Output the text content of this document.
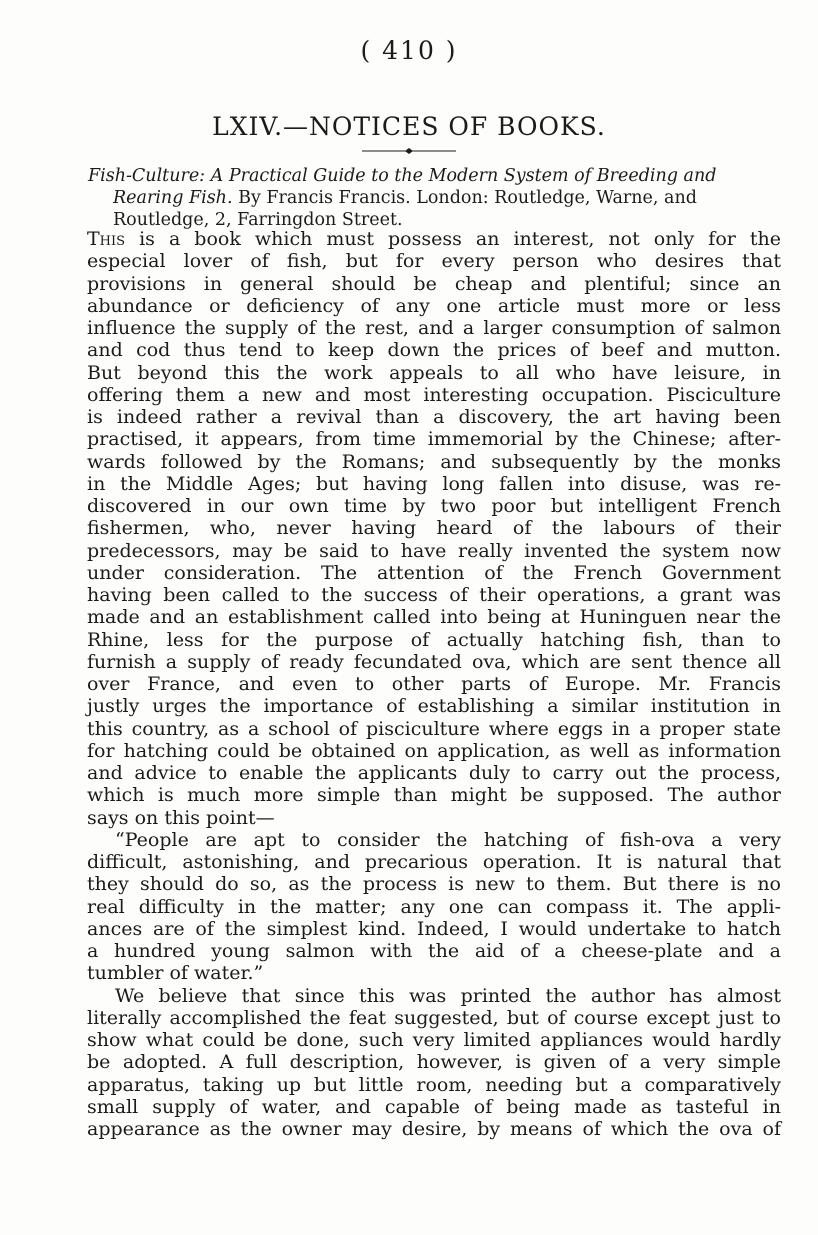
( 410 )
LXIV.—NOTICES OF BOOKS.
Fish-Culture: A Practical Guide to the Modern System of Breeding and
Rearing Fish. By Francis Francis. London: Routledge, Warne, and
Routledge, 2, Farringdon Street.
This is a book which must possess an interest, not only for the
especial lover of fish, but for every person who desires that
provisions in general should be cheap and plentiful; since an
abundance or deficiency of any one article must more or less
influence the supply of the rest, and a larger consumption of salmon
and cod thus tend to keep down the prices of beef and mutton.
But beyond this the work appeals to all who have leisure, in
offering them a new and most interesting occupation. Pisciculture
is indeed rather a revival than a discovery, the art having been
practised, it appears, from time immemorial by the Chinese; after-
wards followed by the Romans; and subsequently by the monks
in the Middle Ages; but having long fallen into disuse, was re-
discovered in our own time by two poor but intelligent French
fishermen, who, never having heard of the labours of their
predecessors, may be said to have really invented the system now
under consideration. The attention of the French Government
having been called to the success of their operations, a grant was
made and an establishment called into being at Huninguen near the
Rhine, less for the purpose of actually hatching fish, than to
furnish a supply of ready fecundated ova, which are sent thence all
over France, and even to other parts of Europe. Mr. Francis
justly urges the importance of establishing a similar institution in
this country, as a school of pisciculture where eggs in a proper state
for hatching could be obtained on application, as well as information
and advice to enable the applicants duly to carry out the process,
which is much more simple than might be supposed. The author
says on this point—
“People are apt to consider the hatching of fish-ova a very
difficult, astonishing, and precarious operation. It is natural that
they should do so, as the process is new to them. But there is no
real difficulty in the matter; any one can compass it. The appli-
ances are of the simplest kind. Indeed, I would undertake to hatch
a hundred young salmon with the aid of a cheese-plate and a
tumbler of water.”
We believe that since this was printed the author has almost
literally accomplished the feat suggested, but of course except just to
show what could be done, such very limited appliances would hardly
be adopted. A full description, however, is given of a very simple
apparatus, taking up but little room, needing but a comparatively
small supply of water, and capable of being made as tasteful in
appearance as the owner may desire, by means of which the ova of
